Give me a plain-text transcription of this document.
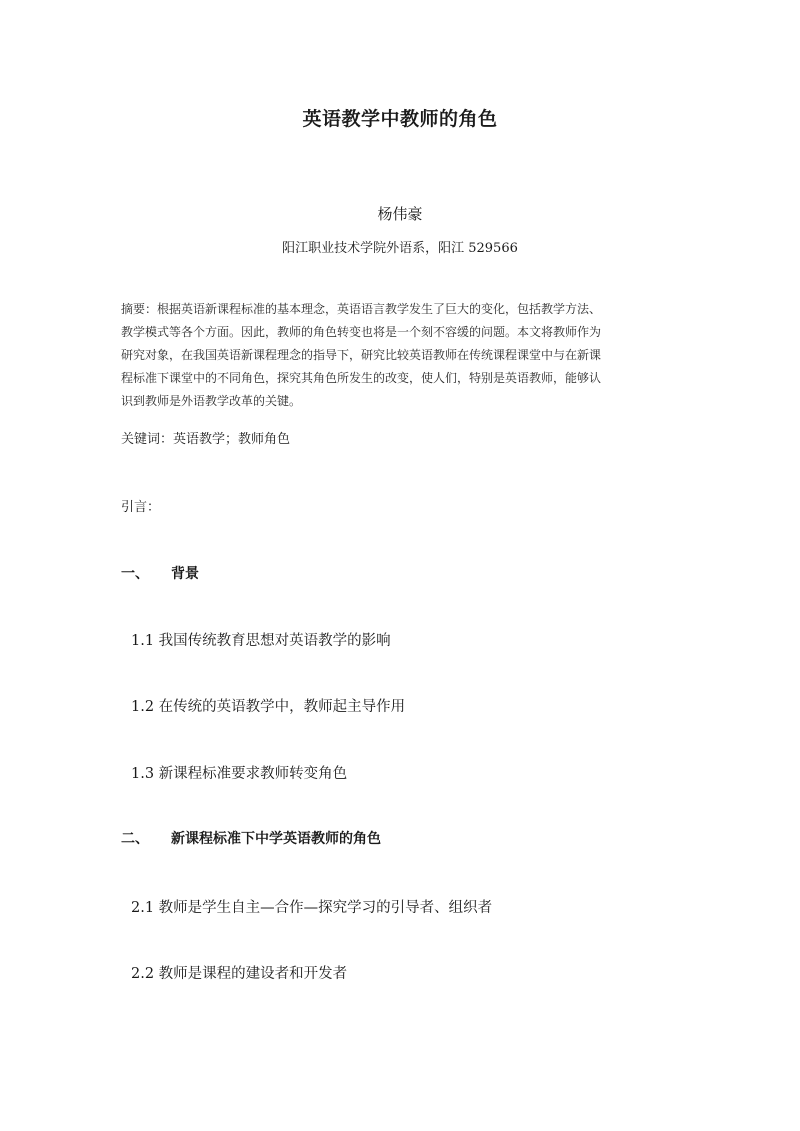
英语教学中教师的角色
杨伟豪
阳江职业技术学院外语系，阳江 529566
摘要：根据英语新课程标准的基本理念，英语语言教学发生了巨大的变化，包括教学方法、
教学模式等各个方面。因此，教师的角色转变也将是一个刻不容缓的问题。本文将教师作为
研究对象，在我国英语新课程理念的指导下，研究比较英语教师在传统课程课堂中与在新课
程标准下课堂中的不同角色，探究其角色所发生的改变，使人们，特别是英语教师，能够认
识到教师是外语教学改革的关键。
关键词：英语教学；教师角色
引言：
一、 背景
1.1 我国传统教育思想对英语教学的影响
1.2 在传统的英语教学中，教师起主导作用
1.3 新课程标准要求教师转变角色
二、 新课程标准下中学英语教师的角色
2.1 教师是学生自主—合作—探究学习的引导者、组织者
2.2 教师是课程的建设者和开发者
